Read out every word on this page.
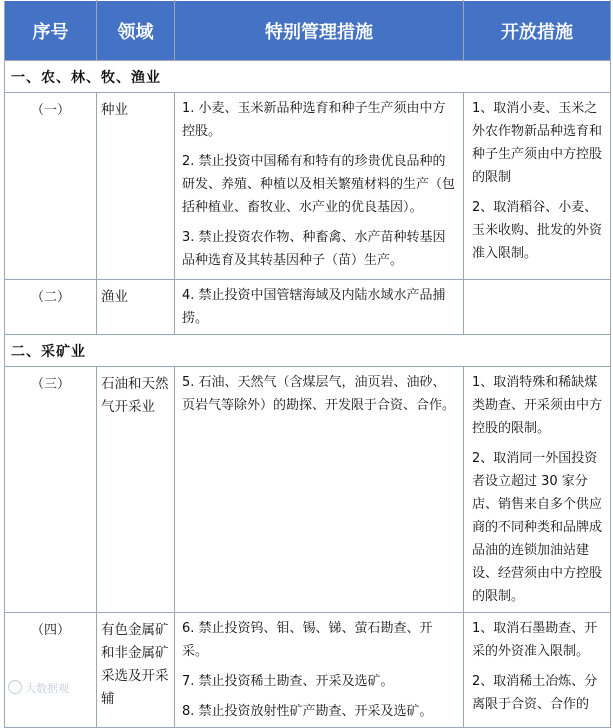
序号	领域	特别管理措施	开放措施
一、农、林、牧、渔业
（一）	种业	1. 小麦、玉米新品种选育和种子生产须由中方控股。

2. 禁止投资中国稀有和特有的珍贵优良品种的研发、养殖、种植以及相关繁殖材料的生产（包括种植业、畜牧业、水产业的优良基因）。

3. 禁止投资农作物、种畜禽、水产苗种转基因品种选育及其转基因种子（苗）生产。

1、取消小麦、玉米之外农作物新品种选育和种子生产须由中方控股的限制

2、取消稻谷、小麦、玉米收购、批发的外资准入限制。

（二）	渔业	4. 禁止投资中国管辖海域及内陆水域水产品捕捞。

二、采矿业
（三）	石油和天然气开采业	

5. 石油、天然气（含煤层气，油页岩、油砂、页岩气等除外）的勘探、开发限于合资、合作。

1、取消特殊和稀缺煤类勘查、开采须由中方控股的限制。

2、取消同一外国投资者设立超过 30 家分店、销售来自多个供应商的不同种类和品牌成品油的连锁加油站建设、经营须由中方控股的限制。

（四）	有色金属矿和非金属矿采选及开采辅	

6. 禁止投资钨、钼、锡、锑、萤石勘查、开采。

7. 禁止投资稀土勘查、开采及选矿。

8. 禁止投资放射性矿产勘查、开采及选矿。

1、取消石墨勘查、开采的外资准入限制。

2、取消稀土冶炼、分离限于合资、合作的

大数据观
